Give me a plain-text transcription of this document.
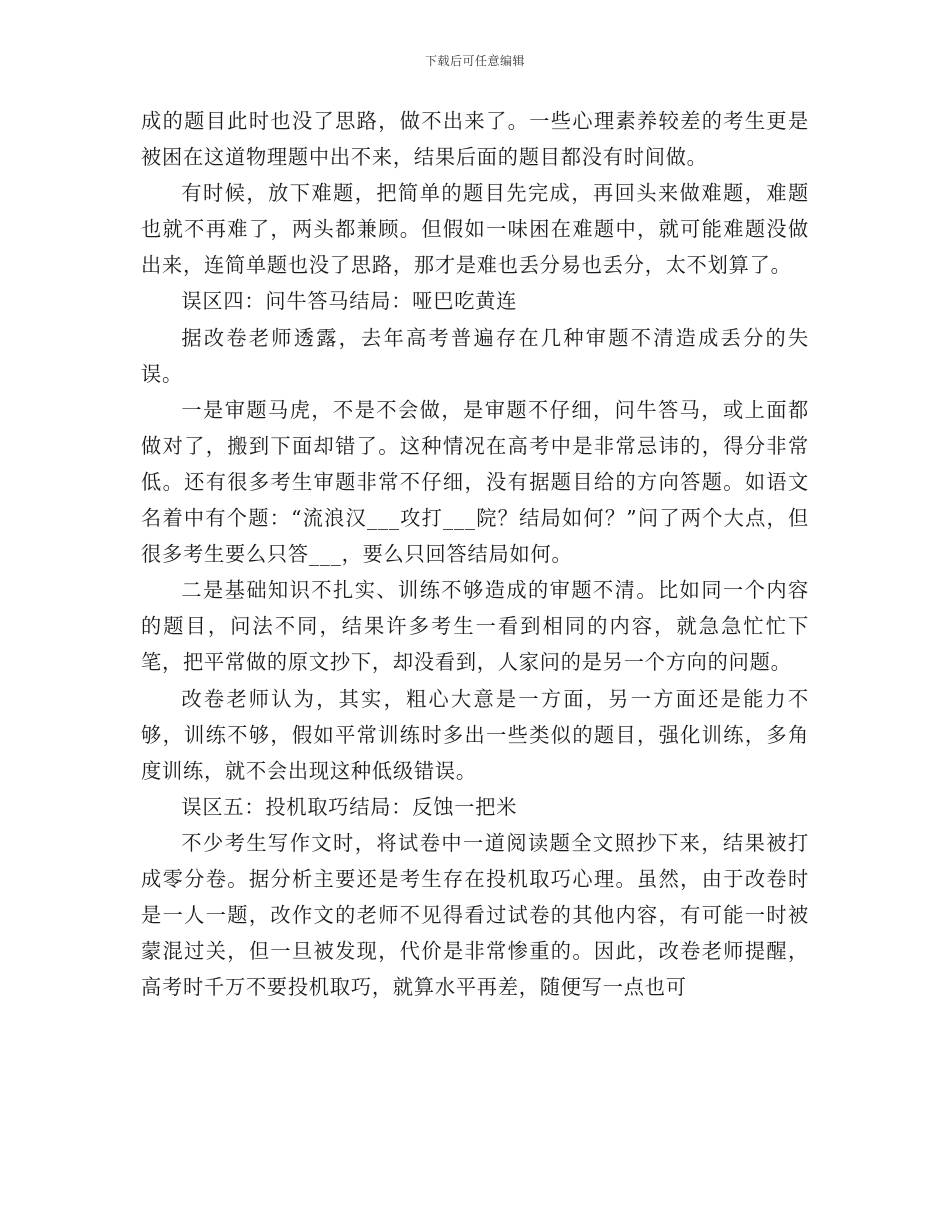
下载后可任意编辑

成的题目此时也没了思路，做不出来了。一些心理素养较差的考生更是被困在这道物理题中出不来，结果后面的题目都没有时间做。

有时候，放下难题，把简单的题目先完成，再回头来做难题，难题也就不再难了，两头都兼顾。但假如一味困在难题中，就可能难题没做出来，连简单题也没了思路，那才是难也丢分易也丢分，太不划算了。

误区四：问牛答马结局：哑巴吃黄连

据改卷老师透露，去年高考普遍存在几种审题不清造成丢分的失误。

一是审题马虎，不是不会做，是审题不仔细，问牛答马，或上面都做对了，搬到下面却错了。这种情况在高考中是非常忌讳的，得分非常低。还有很多考生审题非常不仔细，没有据题目给的方向答题。如语文名着中有个题：“流浪汉___攻打___院？结局如何？”问了两个大点，但很多考生要么只答___，要么只回答结局如何。

二是基础知识不扎实、训练不够造成的审题不清。比如同一个内容的题目，问法不同，结果许多考生一看到相同的内容，就急急忙忙下笔，把平常做的原文抄下，却没看到，人家问的是另一个方向的问题。

改卷老师认为，其实，粗心大意是一方面，另一方面还是能力不够，训练不够，假如平常训练时多出一些类似的题目，强化训练，多角度训练，就不会出现这种低级错误。

误区五：投机取巧结局：反蚀一把米

不少考生写作文时，将试卷中一道阅读题全文照抄下来，结果被打成零分卷。据分析主要还是考生存在投机取巧心理。虽然，由于改卷时是一人一题，改作文的老师不见得看过试卷的其他内容，有可能一时被蒙混过关，但一旦被发现，代价是非常惨重的。因此，改卷老师提醒，高考时千万不要投机取巧，就算水平再差，随便写一点也可
